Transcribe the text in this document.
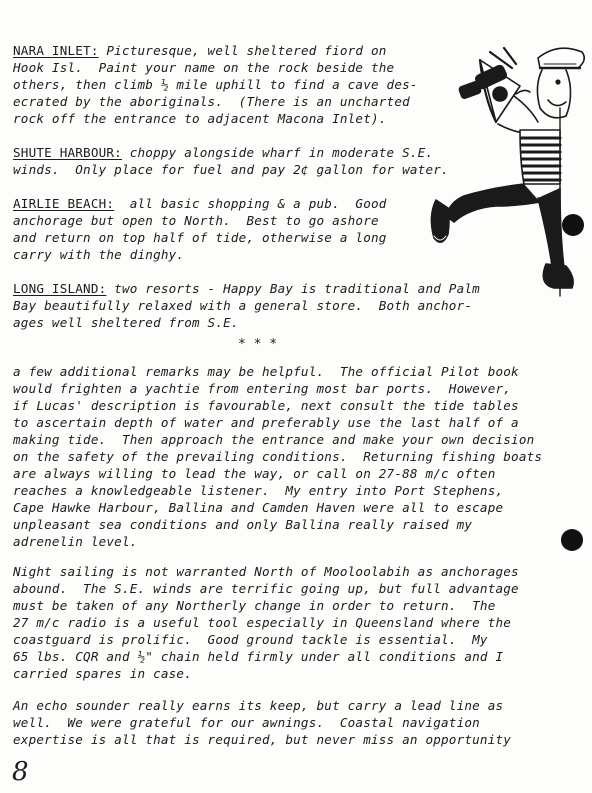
NARA INLET: Picturesque, well sheltered fiord on
Hook Isl.  Paint your name on the rock beside the
others, then climb ½ mile uphill to find a cave des-
ecrated by the aboriginals.  (There is an uncharted
rock off the entrance to adjacent Macona Inlet).
SHUTE HARBOUR: choppy alongside wharf in moderate S.E.
winds.  Only place for fuel and pay 2¢ gallon for water.
AIRLIE BEACH:  all basic shopping & a pub.  Good
anchorage but open to North.  Best to go ashore
and return on top half of tide, otherwise a long
carry with the dinghy.
LONG ISLAND: two resorts - Happy Bay is traditional and Palm
Bay beautifully relaxed with a general store.  Both anchor-
ages well sheltered from S.E.
* * *
a few additional remarks may be helpful.  The official Pilot book
would frighten a yachtie from entering most bar ports.  However,
if Lucas' description is favourable, next consult the tide tables
to ascertain depth of water and preferably use the last half of a
making tide.  Then approach the entrance and make your own decision
on the safety of the prevailing conditions.  Returning fishing boats
are always willing to lead the way, or call on 27-88 m/c often
reaches a knowledgeable listener.  My entry into Port Stephens,
Cape Hawke Harbour, Ballina and Camden Haven were all to escape
unpleasant sea conditions and only Ballina really raised my
adrenelin level.
Night sailing is not warranted North of Mooloolabih as anchorages
abound.  The S.E. winds are terrific going up, but full advantage
must be taken of any Northerly change in order to return.  The
27 m/c radio is a useful tool especially in Queensland where the
coastguard is prolific.  Good ground tackle is essential.  My
65 lbs. CQR and ½" chain held firmly under all conditions and I
carried spares in case.
An echo sounder really earns its keep, but carry a lead line as
well.  We were grateful for our awnings.  Coastal navigation
expertise is all that is required, but never miss an opportunity
8
